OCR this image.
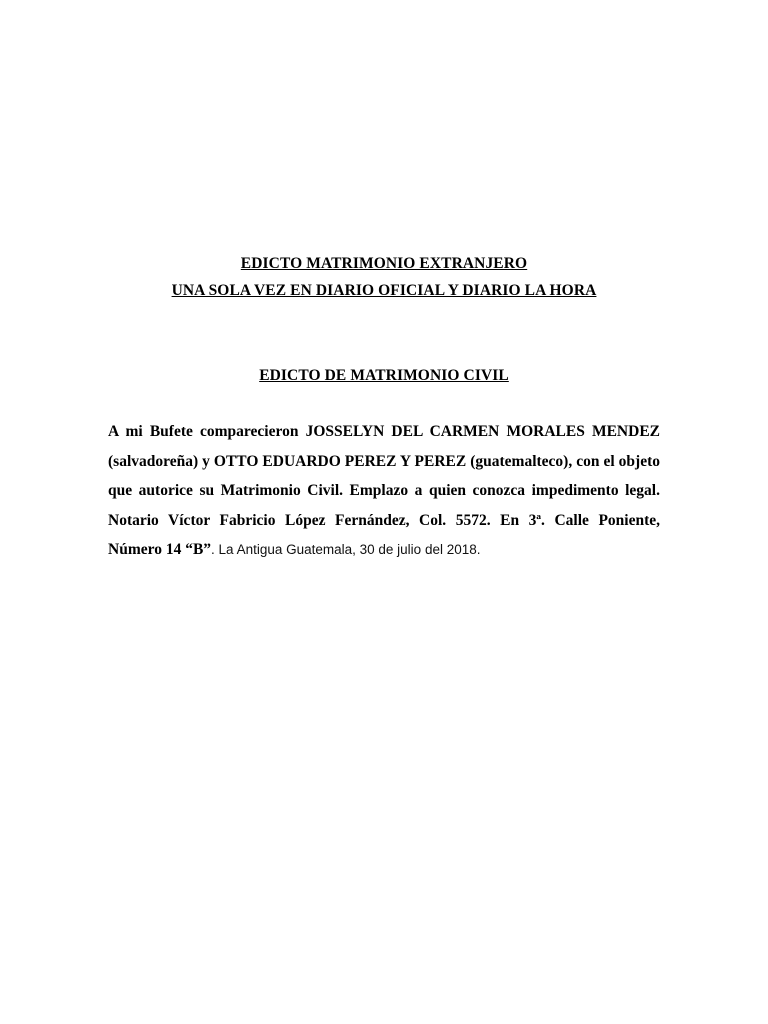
EDICTO MATRIMONIO EXTRANJERO
UNA SOLA VEZ EN DIARIO OFICIAL Y DIARIO LA HORA
EDICTO DE MATRIMONIO CIVIL
A mi Bufete comparecieron JOSSELYN DEL CARMEN MORALES MENDEZ (salvadoreña) y OTTO EDUARDO PEREZ Y PEREZ (guatemalteco), con el objeto que autorice su Matrimonio Civil. Emplazo a quien conozca impedimento legal. Notario Víctor Fabricio López Fernández, Col. 5572. En 3ª. Calle Poniente, Número 14 “B”. La Antigua Guatemala, 30 de julio del 2018.
